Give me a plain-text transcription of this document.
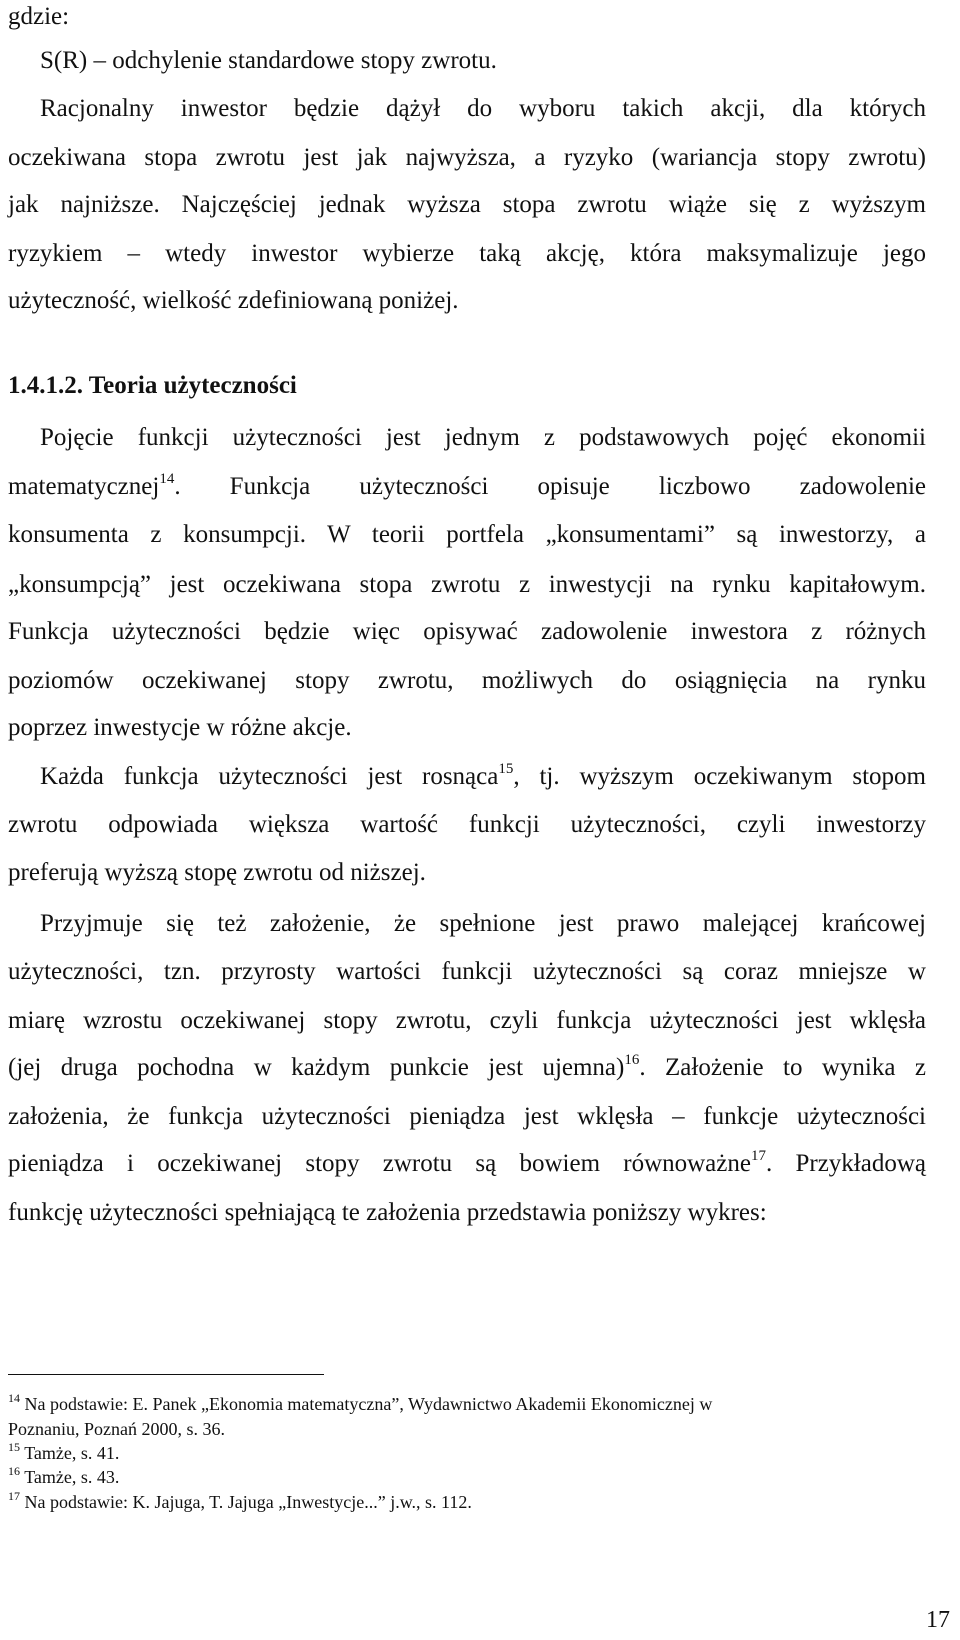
gdzie:
S(R) – odchylenie standardowe stopy zwrotu.
Racjonalny inwestor będzie dążył do wyboru takich akcji, dla których
oczekiwana stopa zwrotu jest jak najwyższa, a ryzyko (wariancja stopy zwrotu)
jak najniższe. Najczęściej jednak wyższa stopa zwrotu wiąże się z wyższym
ryzykiem – wtedy inwestor wybierze taką akcję, która maksymalizuje jego
użyteczność, wielkość zdefiniowaną poniżej.
1.4.1.2. Teoria użyteczności
Pojęcie funkcji użyteczności jest jednym z podstawowych pojęć ekonomii
matematycznej$^{14}$. Funkcja użyteczności opisuje liczbowo zadowolenie
konsumenta z konsumpcji. W teorii portfela „konsumentami” są inwestorzy, a
„konsumpcją” jest oczekiwana stopa zwrotu z inwestycji na rynku kapitałowym.
Funkcja użyteczności będzie więc opisywać zadowolenie inwestora z różnych
poziomów oczekiwanej stopy zwrotu, możliwych do osiągnięcia na rynku
poprzez inwestycje w różne akcje.
Każda funkcja użyteczności jest rosnąca$^{15}$, tj. wyższym oczekiwanym stopom
zwrotu odpowiada większa wartość funkcji użyteczności, czyli inwestorzy
preferują wyższą stopę zwrotu od niższej.
Przyjmuje się też założenie, że spełnione jest prawo malejącej krańcowej
użyteczności, tzn. przyrosty wartości funkcji użyteczności są coraz mniejsze w
miarę wzrostu oczekiwanej stopy zwrotu, czyli funkcja użyteczności jest wklęsła
(jej druga pochodna w każdym punkcie jest ujemna)$^{16}$. Założenie to wynika z
założenia, że funkcja użyteczności pieniądza jest wklęsła – funkcje użyteczności
pieniądza i oczekiwanej stopy zwrotu są bowiem równoważne$^{17}$. Przykładową
funkcję użyteczności spełniającą te założenia przedstawia poniższy wykres:
$^{14}$ Na podstawie: E. Panek „Ekonomia matematyczna”, Wydawnictwo Akademii Ekonomicznej w
Poznaniu, Poznań 2000, s. 36.
$^{15}$ Tamże, s. 41.
$^{16}$ Tamże, s. 43.
$^{17}$ Na podstawie: K. Jajuga, T. Jajuga „Inwestycje...” j.w., s. 112.
17
